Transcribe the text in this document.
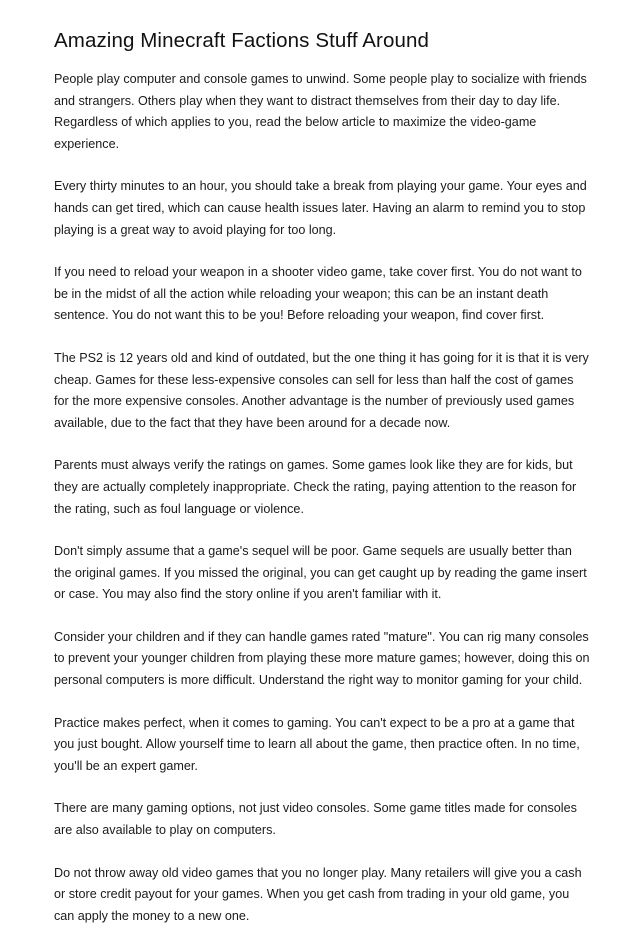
Amazing Minecraft Factions Stuff Around

People play computer and console games to unwind. Some people play to socialize with friends and strangers. Others play when they want to distract themselves from their day to day life. Regardless of which applies to you, read the below article to maximize the video-game experience.

Every thirty minutes to an hour, you should take a break from playing your game. Your eyes and hands can get tired, which can cause health issues later. Having an alarm to remind you to stop playing is a great way to avoid playing for too long.

If you need to reload your weapon in a shooter video game, take cover first. You do not want to be in the midst of all the action while reloading your weapon; this can be an instant death sentence. You do not want this to be you! Before reloading your weapon, find cover first.

The PS2 is 12 years old and kind of outdated, but the one thing it has going for it is that it is very cheap. Games for these less-expensive consoles can sell for less than half the cost of games for the more expensive consoles. Another advantage is the number of previously used games available, due to the fact that they have been around for a decade now.

Parents must always verify the ratings on games. Some games look like they are for kids, but they are actually completely inappropriate. Check the rating, paying attention to the reason for the rating, such as foul language or violence.

Don't simply assume that a game's sequel will be poor. Game sequels are usually better than the original games. If you missed the original, you can get caught up by reading the game insert or case. You may also find the story online if you aren't familiar with it.

Consider your children and if they can handle games rated "mature". You can rig many consoles to prevent your younger children from playing these more mature games; however, doing this on personal computers is more difficult. Understand the right way to monitor gaming for your child.

Practice makes perfect, when it comes to gaming. You can't expect to be a pro at a game that you just bought. Allow yourself time to learn all about the game, then practice often. In no time, you'll be an expert gamer.

There are many gaming options, not just video consoles. Some game titles made for consoles are also available to play on computers.

Do not throw away old video games that you no longer play. Many retailers will give you a cash or store credit payout for your games. When you get cash from trading in your old game, you can apply the money to a new one.
